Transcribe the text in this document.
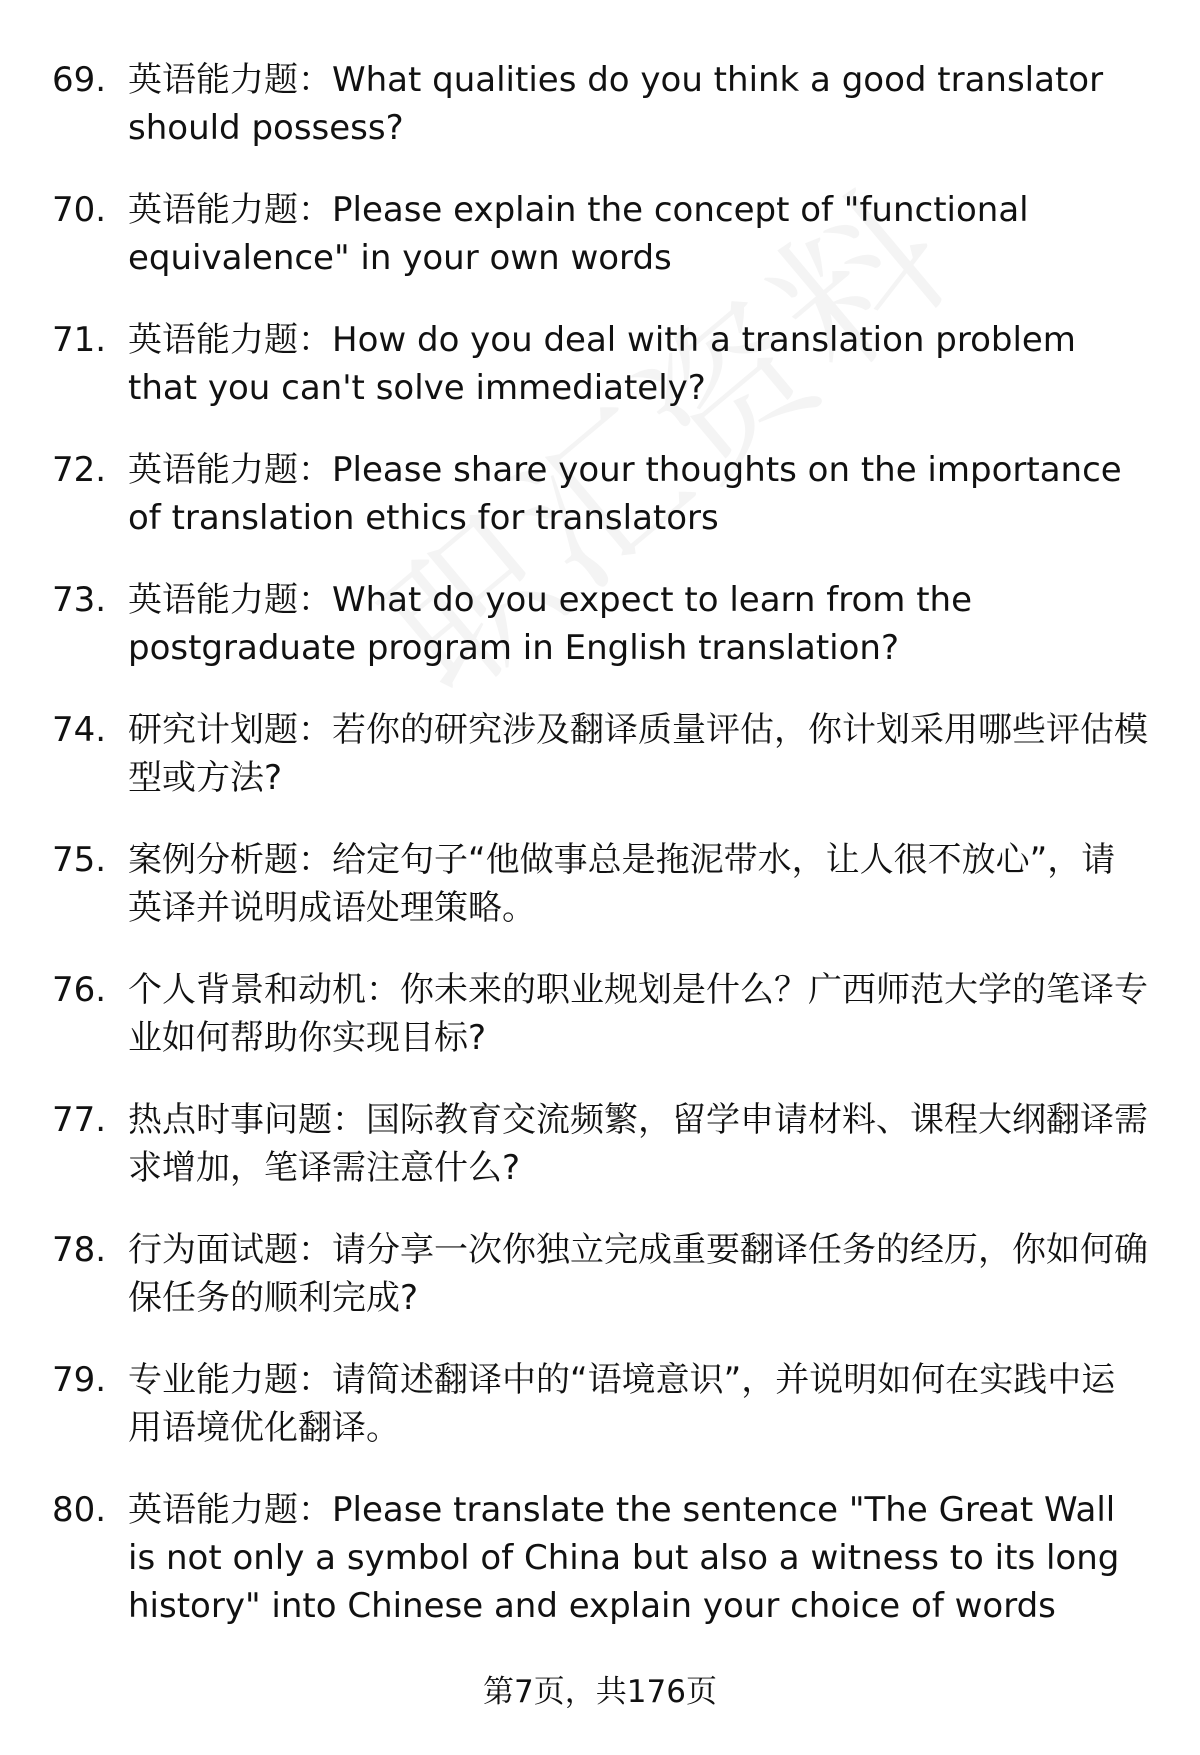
69. 英语能力题：What qualities do you think a good translator should possess?
70. 英语能力题：Please explain the concept of "functional equivalence" in your own words
71. 英语能力题：How do you deal with a translation problem that you can't solve immediately?
72. 英语能力题：Please share your thoughts on the importance of translation ethics for translators
73. 英语能力题：What do you expect to learn from the postgraduate program in English translation?
74. 研究计划题：若你的研究涉及翻译质量评估，你计划采用哪些评估模型或方法?
75. 案例分析题：给定句子“他做事总是拖泥带水，让人很不放心”，请英译并说明成语处理策略。
76. 个人背景和动机：你未来的职业规划是什么？广西师范大学的笔译专业如何帮助你实现目标?
77. 热点时事问题：国际教育交流频繁，留学申请材料、课程大纲翻译需求增加，笔译需注意什么?
78. 行为面试题：请分享一次你独立完成重要翻译任务的经历，你如何确保任务的顺利完成?
79. 专业能力题：请简述翻译中的“语境意识”，并说明如何在实践中运用语境优化翻译。
80. 英语能力题：Please translate the sentence "The Great Wall is not only a symbol of China but also a witness to its long history" into Chinese and explain your choice of words
第7页，共176页
